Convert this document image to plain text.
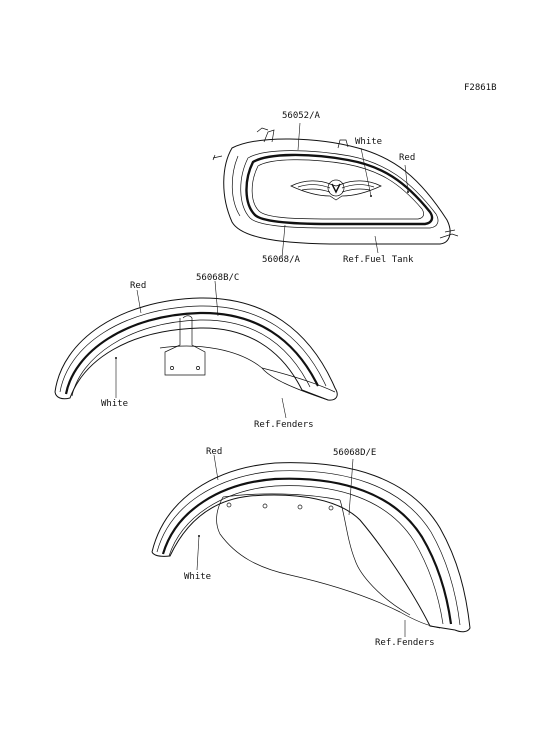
F2861B
56052/A
White
Red
56068/A	Ref.Fuel Tank
Red
56068B/C
White
Ref.Fenders
Red	56068D/E
White
Ref.Fenders
